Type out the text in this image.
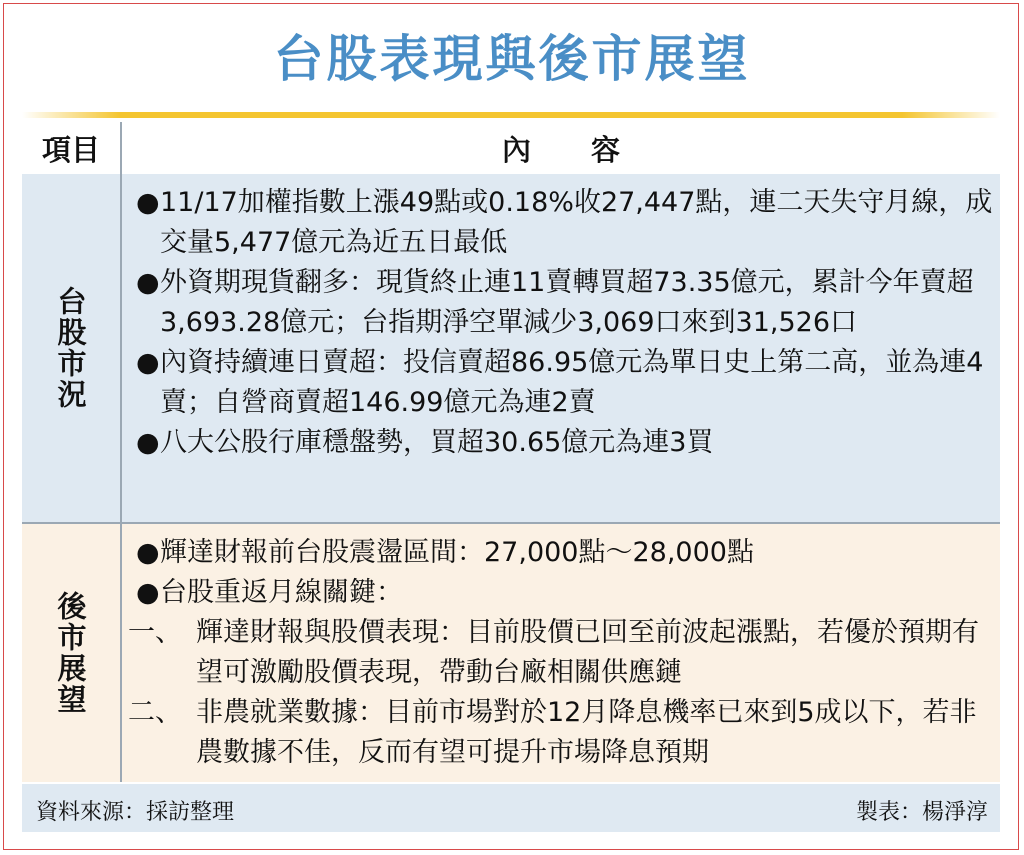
台股表現與後市展望
項目	內容
台股市況
● 11/17加權指數上漲49點或0.18%收27,447點，連二天失守月線，成交量5,477億元為近五日最低
● 外資期現貨翻多：現貨終止連11賣轉買超73.35億元，累計今年賣超3,693.28億元；台指期淨空單減少3,069口來到31,526口
● 內資持續連日賣超：投信賣超86.95億元為單日史上第二高，並為連4賣；自營商賣超146.99億元為連2賣
● 八大公股行庫穩盤勢，買超30.65億元為連3買
後市展望
● 輝達財報前台股震盪區間：27,000點～28,000點
● 台股重返月線關鍵：
一、 輝達財報與股價表現：目前股價已回至前波起漲點，若優於預期有望可激勵股價表現，帶動台廠相關供應鏈
二、 非農就業數據：目前市場對於12月降息機率已來到5成以下，若非農數據不佳，反而有望可提升市場降息預期
資料來源：採訪整理	製表：楊淨淳
